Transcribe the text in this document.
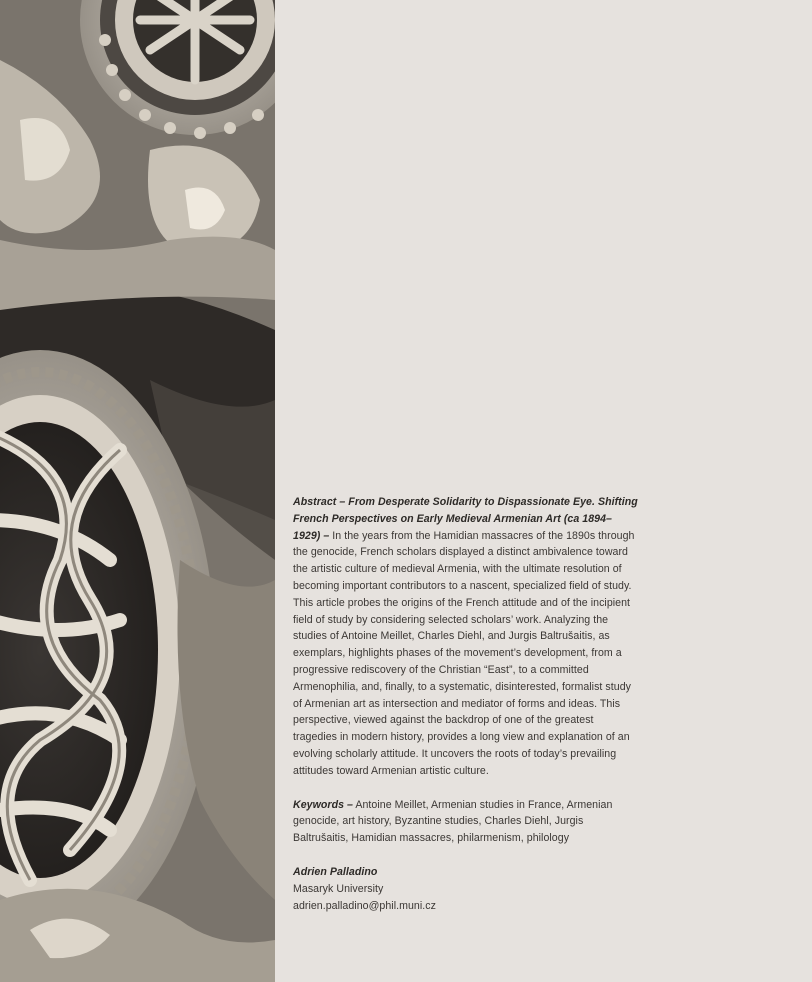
Abstract – From Desperate Solidarity to Dispassionate Eye. Shifting French Perspectives on Early Medieval Armenian Art (ca 1894–1929) – In the years from the Hamidian massacres of the 1890s through the genocide, French scholars displayed a distinct ambivalence toward the artistic culture of medieval Armenia, with the ultimate resolution of becoming important contributors to a nascent, specialized field of study. This article probes the origins of the French attitude and of the incipient field of study by considering selected scholars’ work. Analyzing the studies of Antoine Meillet, Charles Diehl, and Jurgis Baltrušaitis, as exemplars, highlights phases of the movement’s development, from a progressive rediscovery of the Christian “East”, to a committed Armenophilia, and, finally, to a systematic, disinterested, formalist study of Armenian art as intersection and mediator of forms and ideas. This perspective, viewed against the backdrop of one of the greatest tragedies in modern history, provides a long view and explanation of an evolving scholarly attitude. It uncovers the roots of today’s prevailing attitudes toward Armenian artistic culture.

Keywords – Antoine Meillet, Armenian studies in France, Armenian genocide, art history, Byzantine studies, Charles Diehl, Jurgis Baltrušaitis, Hamidian massacres, philarmenism, philology

Adrien Palladino
Masaryk University
adrien.palladino@phil.muni.cz
